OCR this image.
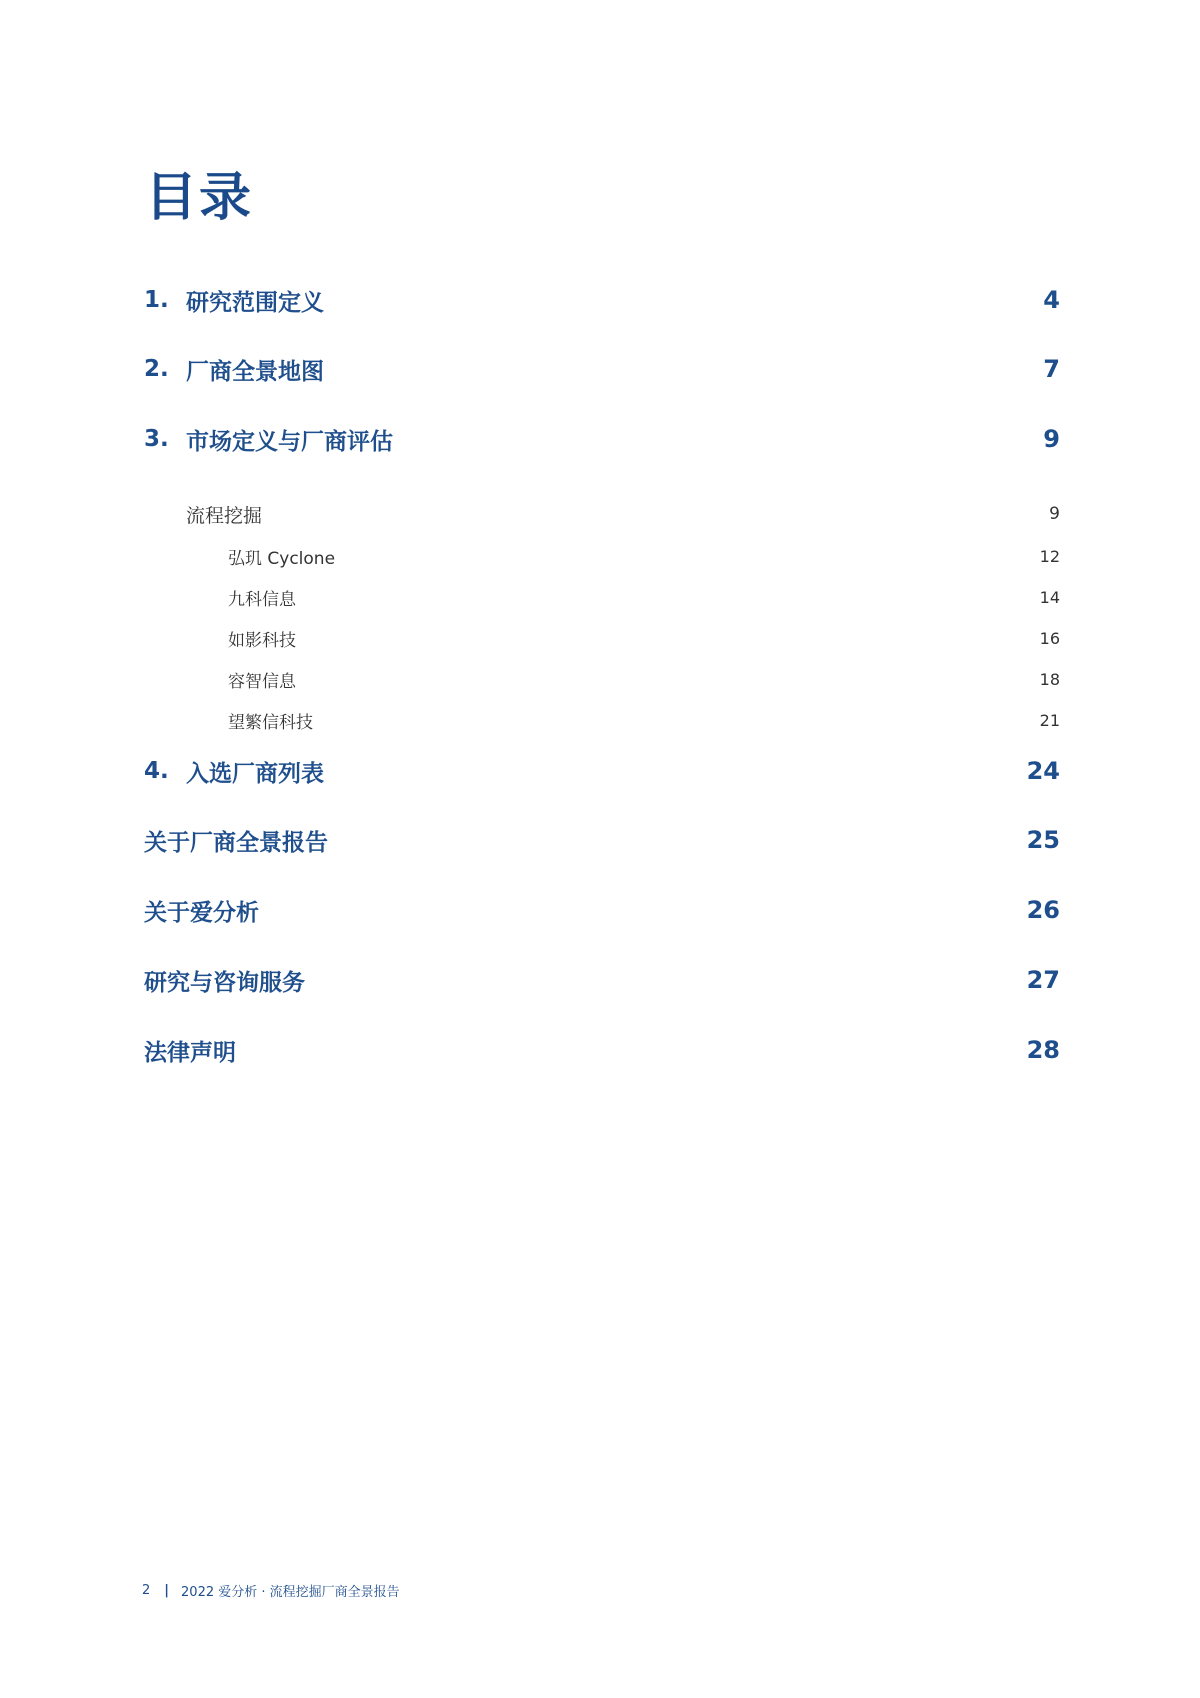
目录
1. 研究范围定义	4
2. 厂商全景地图	7
3. 市场定义与厂商评估	9
流程挖掘	9
弘玑 Cyclone	12
九科信息	14
如影科技	16
容智信息	18
望繁信科技	21
4. 入选厂商列表	24
关于厂商全景报告	25
关于爱分析	26
研究与咨询服务	27
法律声明	28
2 | 2022 爱分析 · 流程挖掘厂商全景报告
